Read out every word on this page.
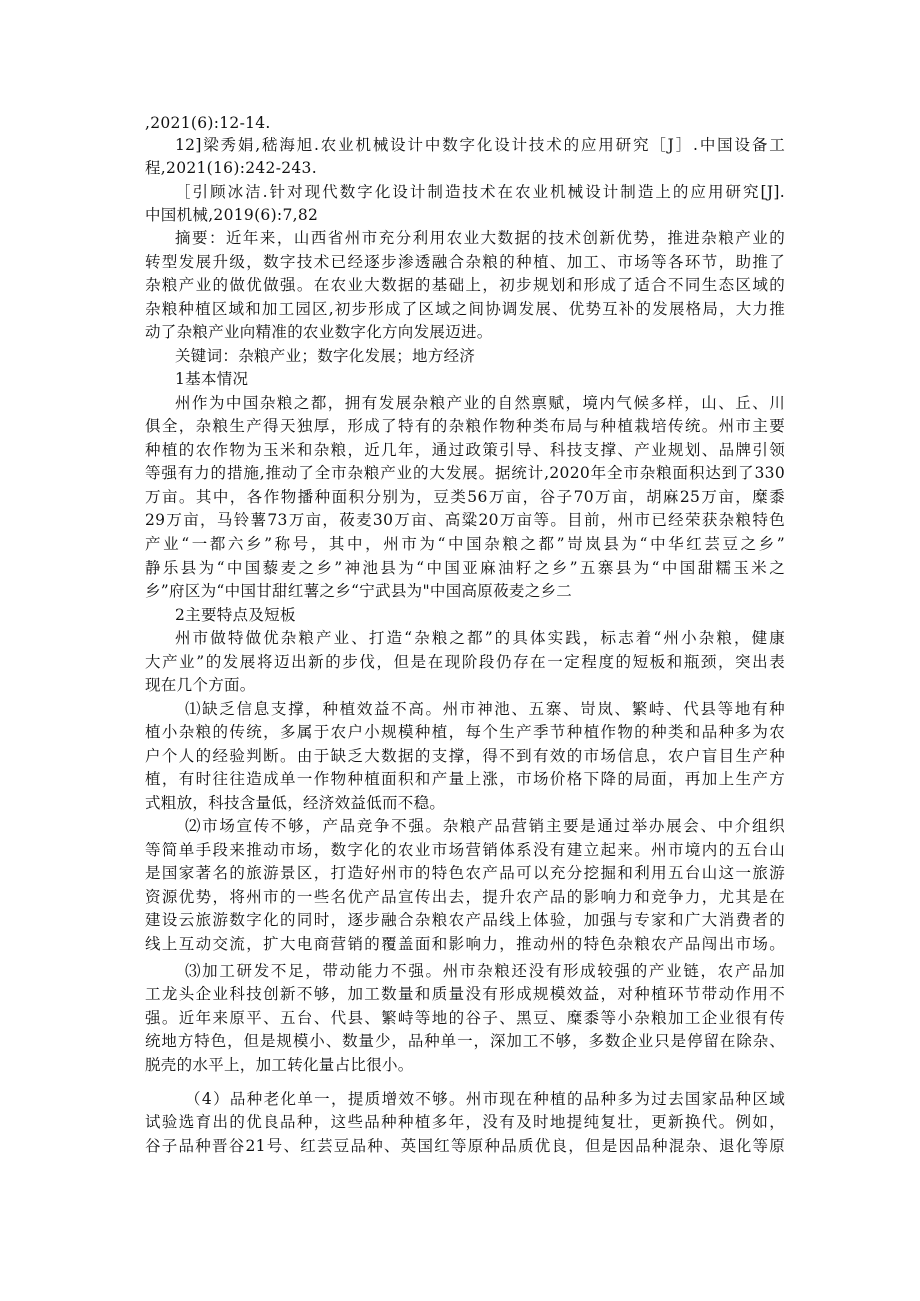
,2021(6):12-14.
12]梁秀娟,嵇海旭.农业机械设计中数字化设计技术的应用研究［J］.中国设备工
程,2021(16):242-243.
［引顾冰洁.针对现代数字化设计制造技术在农业机械设计制造上的应用研究[J].
中国机械,2019(6):7,82
摘要：近年来，山西省州市充分利用农业大数据的技术创新优势，推进杂粮产业的
转型发展升级，数字技术已经逐步渗透融合杂粮的种植、加工、市场等各环节，助推了
杂粮产业的做优做强。在农业大数据的基础上，初步规划和形成了适合不同生态区域的
杂粮种植区域和加工园区,初步形成了区域之间协调发展、优势互补的发展格局，大力推
动了杂粮产业向精准的农业数字化方向发展迈进。
关键词：杂粮产业；数字化发展；地方经济
1基本情况
州作为中国杂粮之都，拥有发展杂粮产业的自然禀赋，境内气候多样，山、丘、川
俱全，杂粮生产得天独厚，形成了特有的杂粮作物种类布局与种植栽培传统。州市主要
种植的农作物为玉米和杂粮，近几年，通过政策引导、科技支撑、产业规划、品牌引领
等强有力的措施,推动了全市杂粮产业的大发展。据统计,2020年全市杂粮面积达到了330
万亩。其中，各作物播种面积分别为，豆类56万亩，谷子70万亩，胡麻25万亩，糜黍
29万亩，马铃薯73万亩，莜麦30万亩、高粱20万亩等。目前，州市已经荣获杂粮特色
产业“一都六乡”称号，其中，州市为“中国杂粮之都”岢岚县为“中华红芸豆之乡”
静乐县为“中国藜麦之乡”神池县为“中国亚麻油籽之乡”五寨县为“中国甜糯玉米之
乡”府区为“中国甘甜红薯之乡“宁武县为"中国高原莜麦之乡二
2主要特点及短板
州市做特做优杂粮产业、打造“杂粮之都”的具体实践，标志着“州小杂粮，健康
大产业”的发展将迈出新的步伐，但是在现阶段仍存在一定程度的短板和瓶颈，突出表
现在几个方面。
⑴缺乏信息支撑，种植效益不高。州市神池、五寨、岢岚、繁峙、代县等地有种
植小杂粮的传统，多属于农户小规模种植，每个生产季节种植作物的种类和品种多为农
户个人的经验判断。由于缺乏大数据的支撑，得不到有效的市场信息，农户盲目生产种
植，有时往往造成单一作物种植面积和产量上涨，市场价格下降的局面，再加上生产方
式粗放，科技含量低，经济效益低而不稳。
⑵市场宣传不够，产品竞争不强。杂粮产品营销主要是通过举办展会、中介组织
等简单手段来推动市场，数字化的农业市场营销体系没有建立起来。州市境内的五台山
是国家著名的旅游景区，打造好州市的特色农产品可以充分挖掘和利用五台山这一旅游
资源优势，将州市的一些名优产品宣传出去，提升农产品的影响力和竞争力，尤其是在
建设云旅游数字化的同时，逐步融合杂粮农产品线上体验，加强与专家和广大消费者的
线上互动交流，扩大电商营销的覆盖面和影响力，推动州的特色杂粮农产品闯出市场。
⑶加工研发不足，带动能力不强。州市杂粮还没有形成较强的产业链，农产品加
工龙头企业科技创新不够，加工数量和质量没有形成规模效益，对种植环节带动作用不
强。近年来原平、五台、代县、繁峙等地的谷子、黑豆、糜黍等小杂粮加工企业很有传
统地方特色，但是规模小、数量少，品种单一，深加工不够，多数企业只是停留在除杂、
脱壳的水平上，加工转化量占比很小。
（4）品种老化单一，提质增效不够。州市现在种植的品种多为过去国家品种区域
试验选育出的优良品种，这些品种种植多年，没有及时地提纯复壮，更新换代。例如，
谷子品种晋谷21号、红芸豆品种、英国红等原种品质优良，但是因品种混杂、退化等原
